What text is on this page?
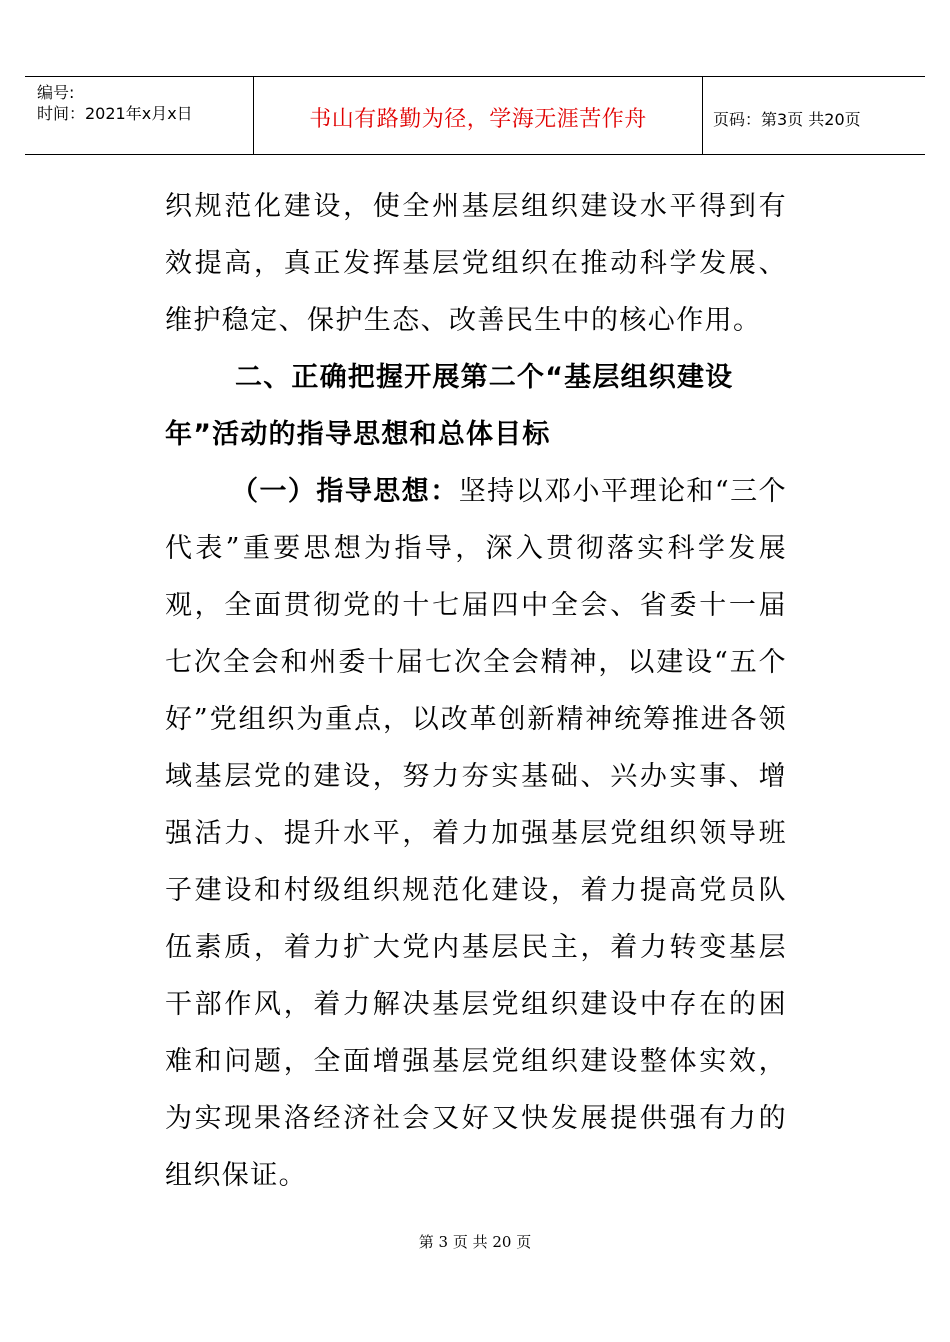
编号:
时间：2021年x月x日	书山有路勤为径，学海无涯苦作舟	页码：第3页 共20页

织规范化建设，使全州基层组织建设水平得到有效提高，真正发挥基层党组织在推动科学发展、维护稳定、保护生态、改善民生中的核心作用。

二、正确把握开展第二个“基层组织建设年”活动的指导思想和总体目标

（一）指导思想：坚持以邓小平理论和“三个代表”重要思想为指导，深入贯彻落实科学发展观，全面贯彻党的十七届四中全会、省委十一届七次全会和州委十届七次全会精神，以建设“五个好”党组织为重点，以改革创新精神统筹推进各领域基层党的建设，努力夯实基础、兴办实事、增强活力、提升水平，着力加强基层党组织领导班子建设和村级组织规范化建设，着力提高党员队伍素质，着力扩大党内基层民主，着力转变基层干部作风，着力解决基层党组织建设中存在的困难和问题，全面增强基层党组织建设整体实效，为实现果洛经济社会又好又快发展提供强有力的组织保证。

第 3 页 共 20 页
